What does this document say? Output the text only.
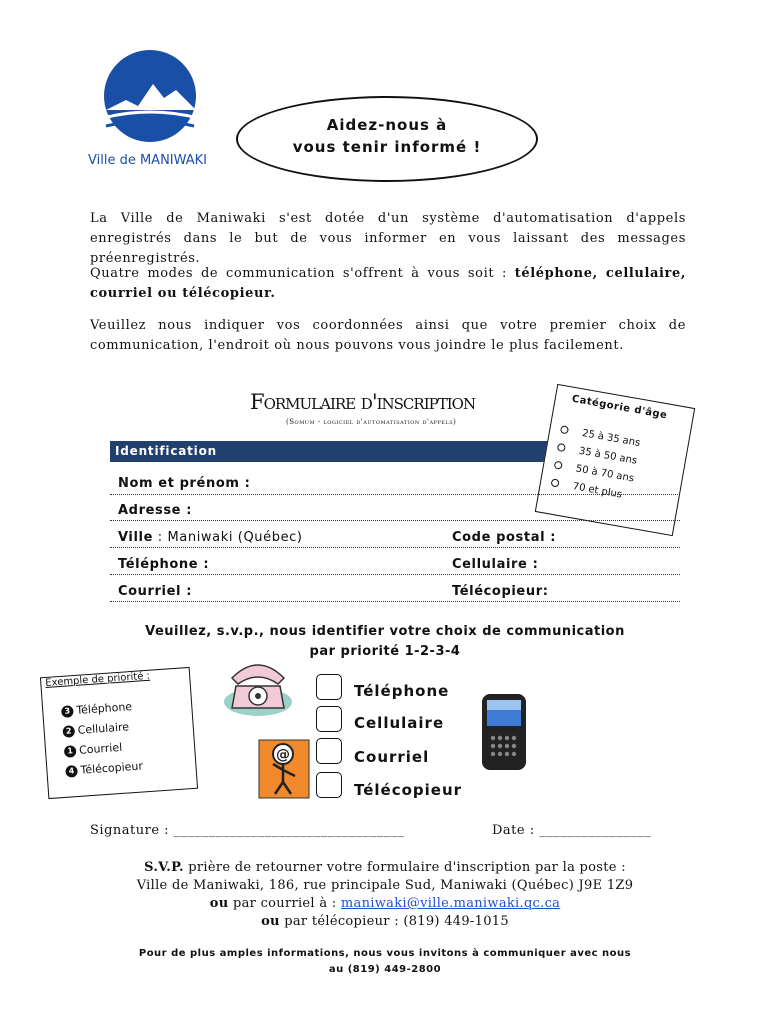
Ville de MANIWAKI
Aidez-nous à
vous tenir informé !
La Ville de Maniwaki s'est dotée d'un système d'automatisation d'appels enregistrés dans le but de vous informer en vous laissant des messages préenregistrés.
Quatre modes de communication s'offrent à vous soit : téléphone, cellulaire, courriel ou télécopieur.
Veuillez nous indiquer vos coordonnées ainsi que votre premier choix de communication, l'endroit où nous pouvons vous joindre le plus facilement.
Formulaire d'inscription
(Somum - logiciel d'automatisation d'appels)
Identification
Catégorie d'âge
25 à 35 ans
35 à 50 ans
50 à 70 ans
70 et plus
Nom et prénom :
Adresse :
Ville : Maniwaki (Québec)	Code postal :
Téléphone :	Cellulaire :
Courriel :	Télécopieur:
Veuillez, s.v.p., nous identifier votre choix de communication
par priorité 1-2-3-4
Exemple de priorité :
3 Téléphone
2 Cellulaire
1 Courriel
4 Télécopieur
@
Téléphone
Cellulaire
Courriel
Télécopieur
Signature : _________________________________	Date : ________________
S.V.P. prière de retourner votre formulaire d'inscription par la poste :
Ville de Maniwaki, 186, rue principale Sud, Maniwaki (Québec) J9E 1Z9
ou par courriel à : maniwaki@ville.maniwaki.qc.ca
ou par télécopieur : (819) 449-1015
Pour de plus amples informations, nous vous invitons à communiquer avec nous
au (819) 449-2800
